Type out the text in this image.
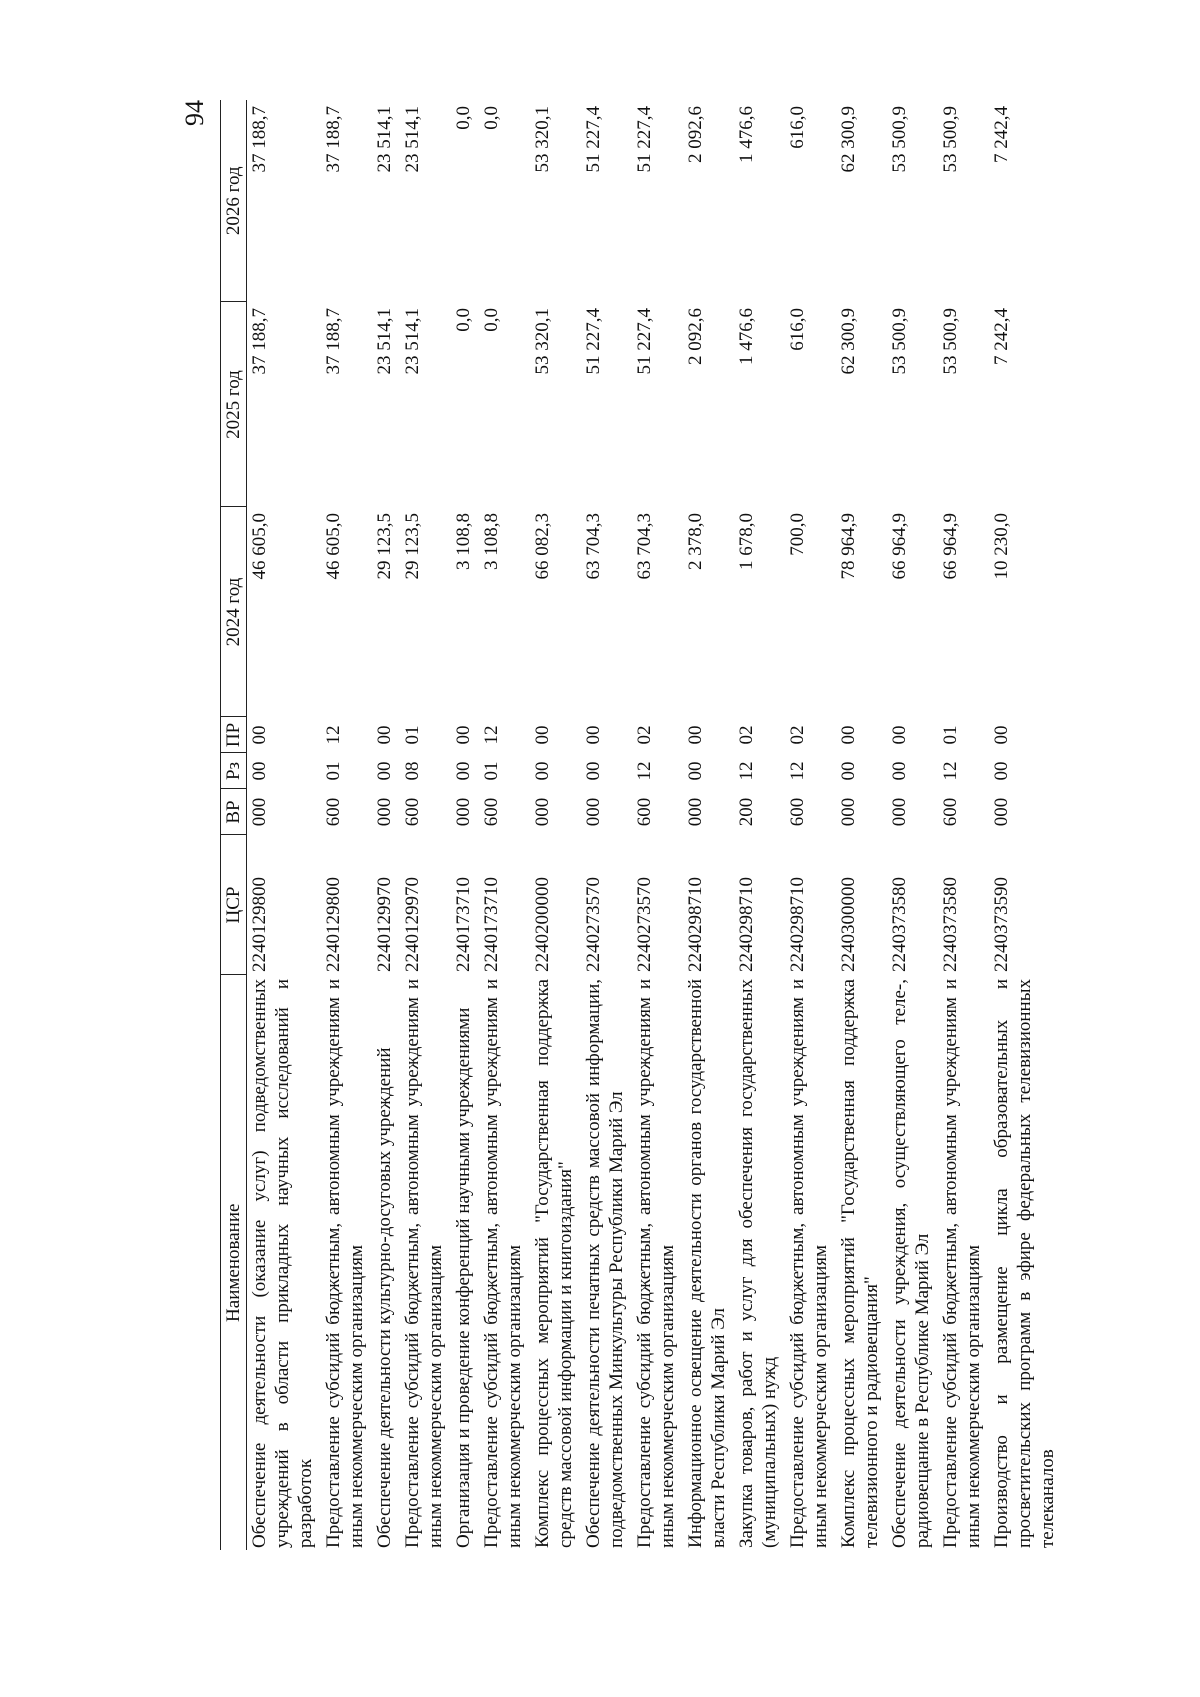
94
Наименование	ЦСР	ВР	Рз	ПР	2024 год	2025 год	2026 год
Обеспечение деятельности (оказание услуг) подведомственных учреждений в области прикладных научных исследований и разработок	2240129800	000	00	00	46 605,0	37 188,7	37 188,7
Предоставление субсидий бюджетным, автономным учреждениям и иным некоммерческим организациям	2240129800	600	01	12	46 605,0	37 188,7	37 188,7
Обеспечение деятельности культурно-досуговых учреждений	2240129970	000	00	00	29 123,5	23 514,1	23 514,1
Предоставление субсидий бюджетным, автономным учреждениям и иным некоммерческим организациям	2240129970	600	08	01	29 123,5	23 514,1	23 514,1
Организация и проведение конференций научными учреждениями	2240173710	000	00	00	3 108,8	0,0	0,0
Предоставление субсидий бюджетным, автономным учреждениям и иным некоммерческим организациям	2240173710	600	01	12	3 108,8	0,0	0,0
Комплекс процессных мероприятий "Государственная поддержка средств массовой информации и книгоиздания"	2240200000	000	00	00	66 082,3	53 320,1	53 320,1
Обеспечение деятельности печатных средств массовой информации, подведомственных Минкультуры Республики Марий Эл	2240273570	000	00	00	63 704,3	51 227,4	51 227,4
Предоставление субсидий бюджетным, автономным учреждениям и иным некоммерческим организациям	2240273570	600	12	02	63 704,3	51 227,4	51 227,4
Информационное освещение деятельности органов государственной власти Республики Марий Эл	2240298710	000	00	00	2 378,0	2 092,6	2 092,6
Закупка товаров, работ и услуг для обеспечения государственных (муниципальных) нужд	2240298710	200	12	02	1 678,0	1 476,6	1 476,6
Предоставление субсидий бюджетным, автономным учреждениям и иным некоммерческим организациям	2240298710	600	12	02	700,0	616,0	616,0
Комплекс процессных мероприятий "Государственная поддержка телевизионного и радиовещания"	2240300000	000	00	00	78 964,9	62 300,9	62 300,9
Обеспечение деятельности учреждения, осуществляющего теле-, радиовещание в Республике Марий Эл	2240373580	000	00	00	66 964,9	53 500,9	53 500,9
Предоставление субсидий бюджетным, автономным учреждениям и иным некоммерческим организациям	2240373580	600	12	01	66 964,9	53 500,9	53 500,9
Производство и размещение цикла образовательных и просветительских программ в эфире федеральных телевизионных телеканалов	2240373590	000	00	00	10 230,0	7 242,4	7 242,4
